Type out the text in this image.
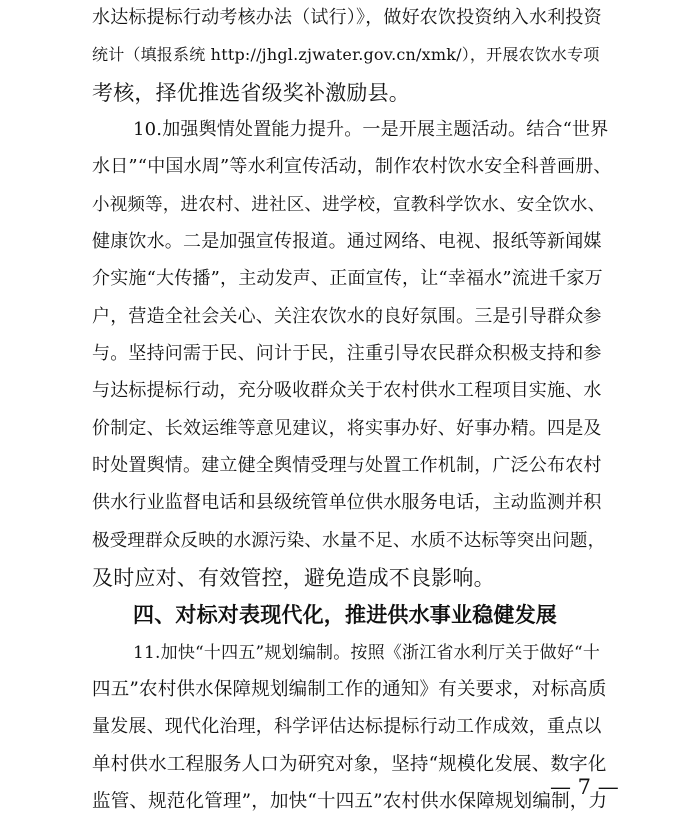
水达标提标行动考核办法（试行）》，做好农饮投资纳入水利投资
统计（填报系统 http://jhgl.zjwater.gov.cn/xmk/），开展农饮水专项
考核，择优推选省级奖补激励县。
10.加强舆情处置能力提升。一是开展主题活动。结合“世界
水日”“中国水周”等水利宣传活动，制作农村饮水安全科普画册、
小视频等，进农村、进社区、进学校，宣教科学饮水、安全饮水、
健康饮水。二是加强宣传报道。通过网络、电视、报纸等新闻媒
介实施“大传播”，主动发声、正面宣传，让“幸福水”流进千家万
户，营造全社会关心、关注农饮水的良好氛围。三是引导群众参
与。坚持问需于民、问计于民，注重引导农民群众积极支持和参
与达标提标行动，充分吸收群众关于农村供水工程项目实施、水
价制定、长效运维等意见建议，将实事办好、好事办精。四是及
时处置舆情。建立健全舆情受理与处置工作机制，广泛公布农村
供水行业监督电话和县级统管单位供水服务电话，主动监测并积
极受理群众反映的水源污染、水量不足、水质不达标等突出问题，
及时应对、有效管控，避免造成不良影响。
四、对标对表现代化，推进供水事业稳健发展
11.加快“十四五”规划编制。按照《浙江省水利厅关于做好“十
四五”农村供水保障规划编制工作的通知》有关要求，对标高质
量发展、现代化治理，科学评估达标提标行动工作成效，重点以
单村供水工程服务人口为研究对象，坚持“规模化发展、数字化
监管、规范化管理”，加快“十四五”农村供水保障规划编制，力
— 7 —
